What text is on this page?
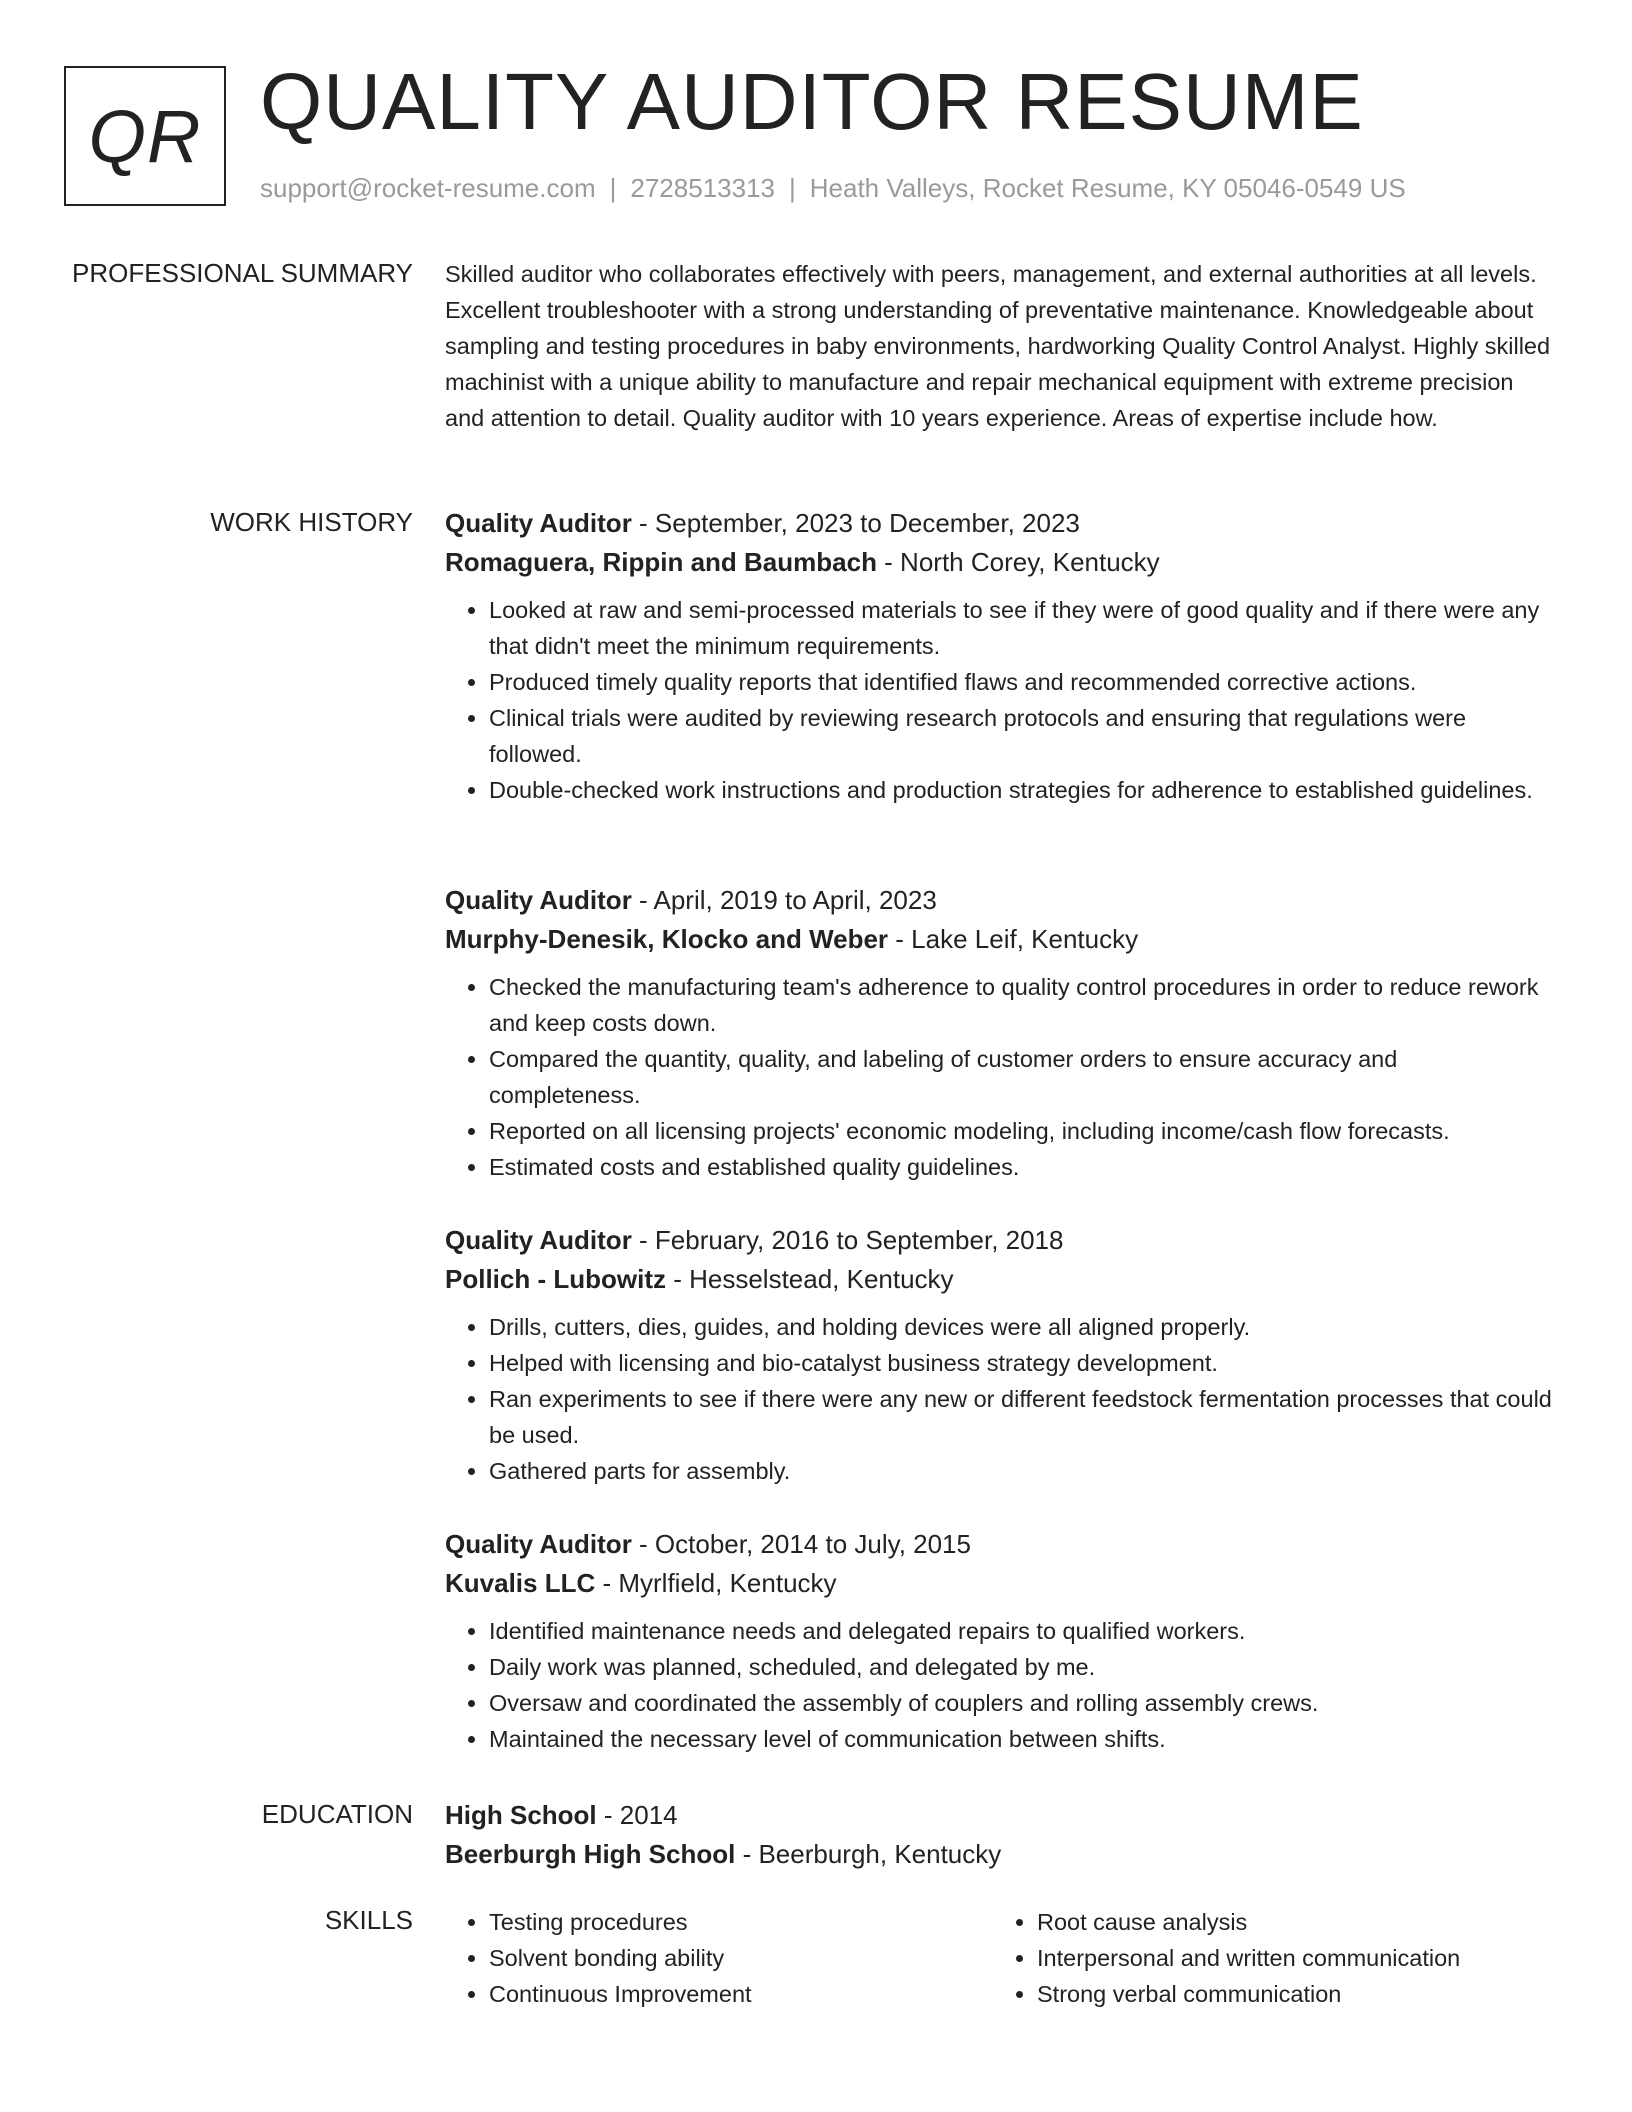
QR QUALITY AUDITOR RESUME
support@rocket-resume.com | 2728513313 | Heath Valleys, Rocket Resume, KY 05046-0549 US
PROFESSIONAL SUMMARY Skilled auditor who collaborates effectively with peers, management, and external authorities at all levels. Excellent troubleshooter with a strong understanding of preventative maintenance. Knowledgeable about sampling and testing procedures in baby environments, hardworking Quality Control Analyst. Highly skilled machinist with a unique ability to manufacture and repair mechanical equipment with extreme precision and attention to detail. Quality auditor with 10 years experience. Areas of expertise include how.
WORK HISTORY Quality Auditor - September, 2023 to December, 2023
Romaguera, Rippin and Baumbach - North Corey, Kentucky
• Looked at raw and semi-processed materials to see if they were of good quality and if there were any that didn't meet the minimum requirements.
• Produced timely quality reports that identified flaws and recommended corrective actions.
• Clinical trials were audited by reviewing research protocols and ensuring that regulations were followed.
• Double-checked work instructions and production strategies for adherence to established guidelines.
Quality Auditor - April, 2019 to April, 2023
Murphy-Denesik, Klocko and Weber - Lake Leif, Kentucky
• Checked the manufacturing team's adherence to quality control procedures in order to reduce rework and keep costs down.
• Compared the quantity, quality, and labeling of customer orders to ensure accuracy and completeness.
• Reported on all licensing projects' economic modeling, including income/cash flow forecasts.
• Estimated costs and established quality guidelines.
Quality Auditor - February, 2016 to September, 2018
Pollich - Lubowitz - Hesselstead, Kentucky
• Drills, cutters, dies, guides, and holding devices were all aligned properly.
• Helped with licensing and bio-catalyst business strategy development.
• Ran experiments to see if there were any new or different feedstock fermentation processes that could be used.
• Gathered parts for assembly.
Quality Auditor - October, 2014 to July, 2015
Kuvalis LLC - Myrlfield, Kentucky
• Identified maintenance needs and delegated repairs to qualified workers.
• Daily work was planned, scheduled, and delegated by me.
• Oversaw and coordinated the assembly of couplers and rolling assembly crews.
• Maintained the necessary level of communication between shifts.
EDUCATION High School - 2014
Beerburgh High School - Beerburgh, Kentucky
SKILLS
•	Testing procedures
• Solvent bonding ability
• Continuous Improvement
• Root cause analysis
• Interpersonal and written communication
• Strong verbal communication
